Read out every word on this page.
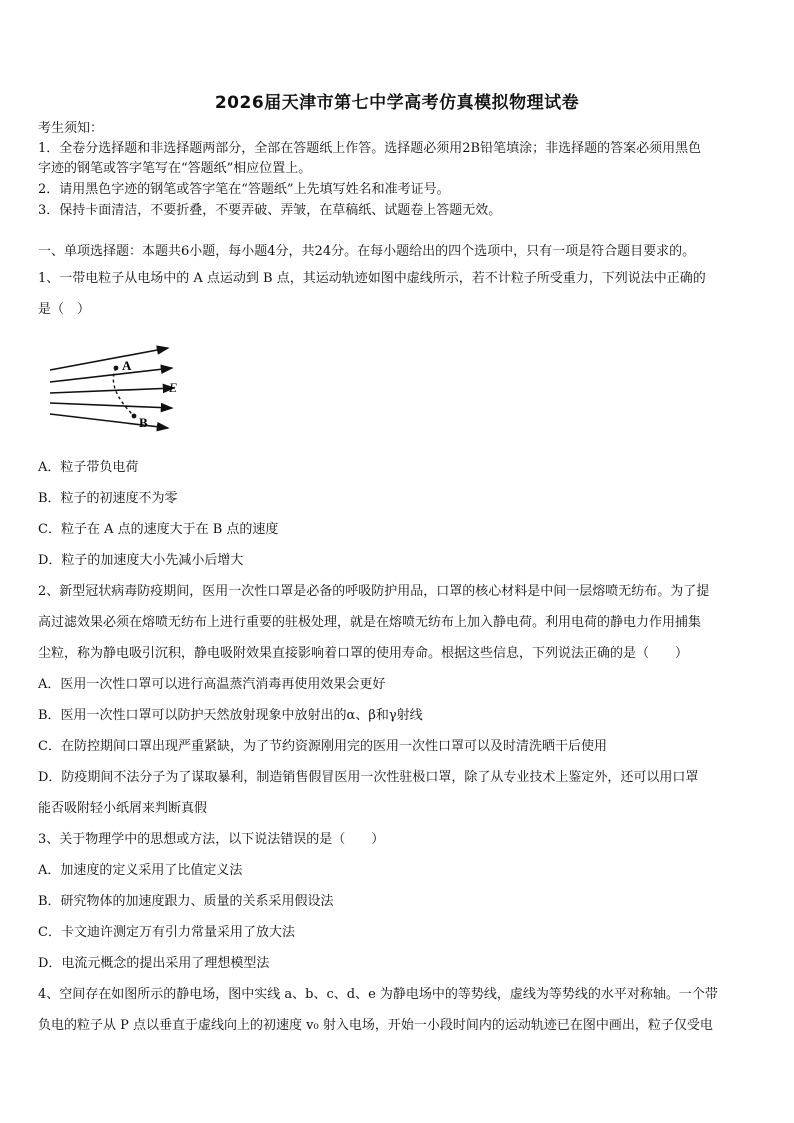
2026届天津市第七中学高考仿真模拟物理试卷
考生须知：
1．全卷分选择题和非选择题两部分，全部在答题纸上作答。选择题必须用2B铅笔填涂；非选择题的答案必须用黑色
字迹的钢笔或答字笔写在“答题纸”相应位置上。
2．请用黑色字迹的钢笔或答字笔在“答题纸”上先填写姓名和准考证号。
3．保持卡面清洁，不要折叠，不要弄破、弄皱，在草稿纸、试题卷上答题无效。
一、单项选择题：本题共6小题，每小题4分，共24分。在每小题给出的四个选项中，只有一项是符合题目要求的。
1、一带电粒子从电场中的 A 点运动到 B 点，其运动轨迹如图中虚线所示，若不计粒子所受重力，下列说法中正确的
是（　）
A
B
E
A．粒子带负电荷
B．粒子的初速度不为零
C．粒子在 A 点的速度大于在 B 点的速度
D．粒子的加速度大小先减小后增大
2、新型冠状病毒防疫期间，医用一次性口罩是必备的呼吸防护用品，口罩的核心材料是中间一层熔喷无纺布。为了提
高过滤效果必须在熔喷无纺布上进行重要的驻极处理，就是在熔喷无纺布上加入静电荷。利用电荷的静电力作用捕集
尘粒，称为静电吸引沉积，静电吸附效果直接影响着口罩的使用寿命。根据这些信息，下列说法正确的是（　　）
A．医用一次性口罩可以进行高温蒸汽消毒再使用效果会更好
B．医用一次性口罩可以防护天然放射现象中放射出的α、β和γ射线
C．在防控期间口罩出现严重紧缺，为了节约资源刚用完的医用一次性口罩可以及时清洗晒干后使用
D．防疫期间不法分子为了谋取暴利，制造销售假冒医用一次性驻极口罩，除了从专业技术上鉴定外，还可以用口罩
能否吸附轻小纸屑来判断真假
3、关于物理学中的思想或方法，以下说法错误的是（　　）
A．加速度的定义采用了比值定义法
B．研究物体的加速度跟力、质量的关系采用假设法
C．卡文迪许测定万有引力常量采用了放大法
D．电流元概念的提出采用了理想模型法
4、空间存在如图所示的静电场，图中实线 a、b、c、d、e 为静电场中的等势线，虚线为等势线的水平对称轴。一个带
负电的粒子从 P 点以垂直于虚线向上的初速度 v₀ 射入电场，开始一小段时间内的运动轨迹已在图中画出，粒子仅受电
